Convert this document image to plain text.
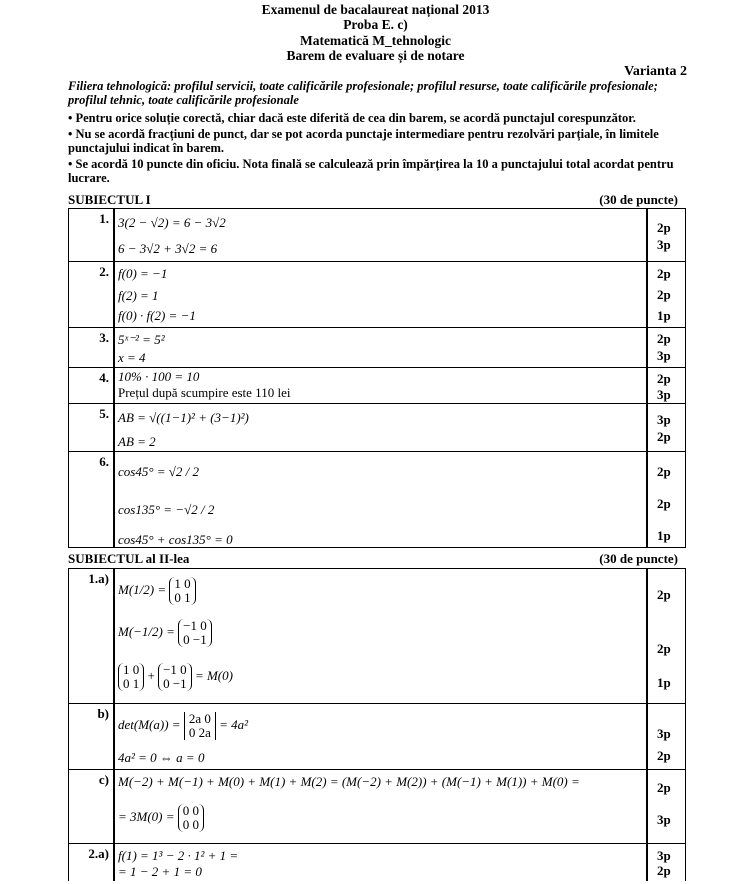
Examenul de bacalaureat național 2013
Proba E. c)
Matematică M_tehnologic
Barem de evaluare și de notare
Varianta 2
Filiera tehnologică: profilul servicii, toate calificările profesionale; profilul resurse, toate calificările profesionale; profilul tehnic, toate calificările profesionale

• Pentru orice soluție corectă, chiar dacă este diferită de cea din barem, se acordă punctajul corespunzător.

• Nu se acordă fracțiuni de punct, dar se pot acorda punctaje intermediare pentru rezolvări parțiale, în limitele punctajului indicat în barem.

• Se acordă 10 puncte din oficiu. Nota finală se calculează prin împărțirea la 10 a punctajului total acordat pentru lucrare.

SUBIECTUL I	(30 de puncte)
1. 3(2 − √2) = 6 − 3√2
6 − 3√2 + 3√2 = 6
2p
3p
2. f(0) = −1
f(2) = 1
f(0) · f(2) = −1
2p
2p
1p
3. 5ˣ⁻² = 5²
x = 4
2p
3p
4. 10% · 100 = 10
Prețul după scumpire este 110 lei
2p
3p
5. AB = √((1−1)² + (3−1)²)
AB = 2
3p
2p
6.
cos45° = √2 / 2
cos135° = −√2 / 2
cos45° + cos135° = 0
2p
2p
1p
SUBIECTUL al II-lea	(30 de puncte)
1.a)
M(1/2) = 1 0
0 1
M(−1/2) = −1 0
0 −1
1 0
0 1
+ −1 0
0 −1
= M(0)
2p
2p
1p
b)
det(M(a)) = 2a 0
0 2a
= 4a²
4a² = 0 ⇔ a = 0
3p
2p
c) M(−2) + M(−1) + M(0) + M(1) + M(2) = (M(−2) + M(2)) + (M(−1) + M(1)) + M(0) =
= 3M(0) = 0 0
0 0
2p
3p
2.a) f(1) = 1³ − 2 · 1² + 1 =
= 1 − 2 + 1 = 0
3p
2p
